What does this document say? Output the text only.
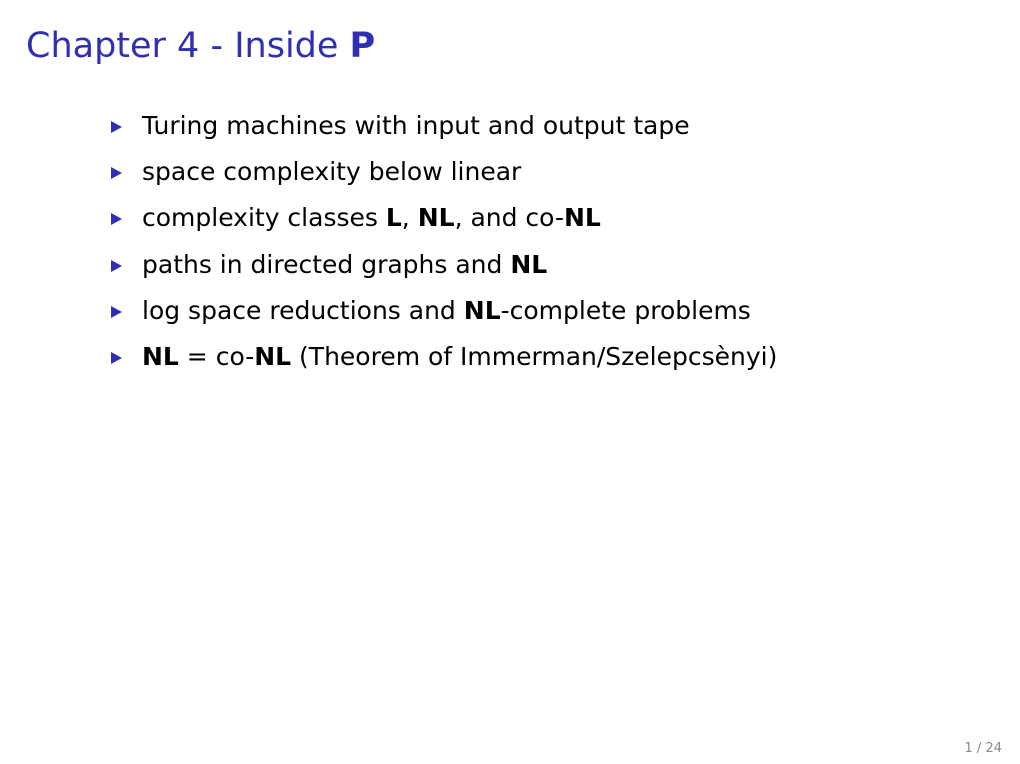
Chapter 4 - Inside P
Turing machines with input and output tape
space complexity below linear
complexity classes L, NL, and co-NL
paths in directed graphs and NL
log space reductions and NL-complete problems
NL = co-NL (Theorem of Immerman/Szelepcsènyi)
1 / 24
